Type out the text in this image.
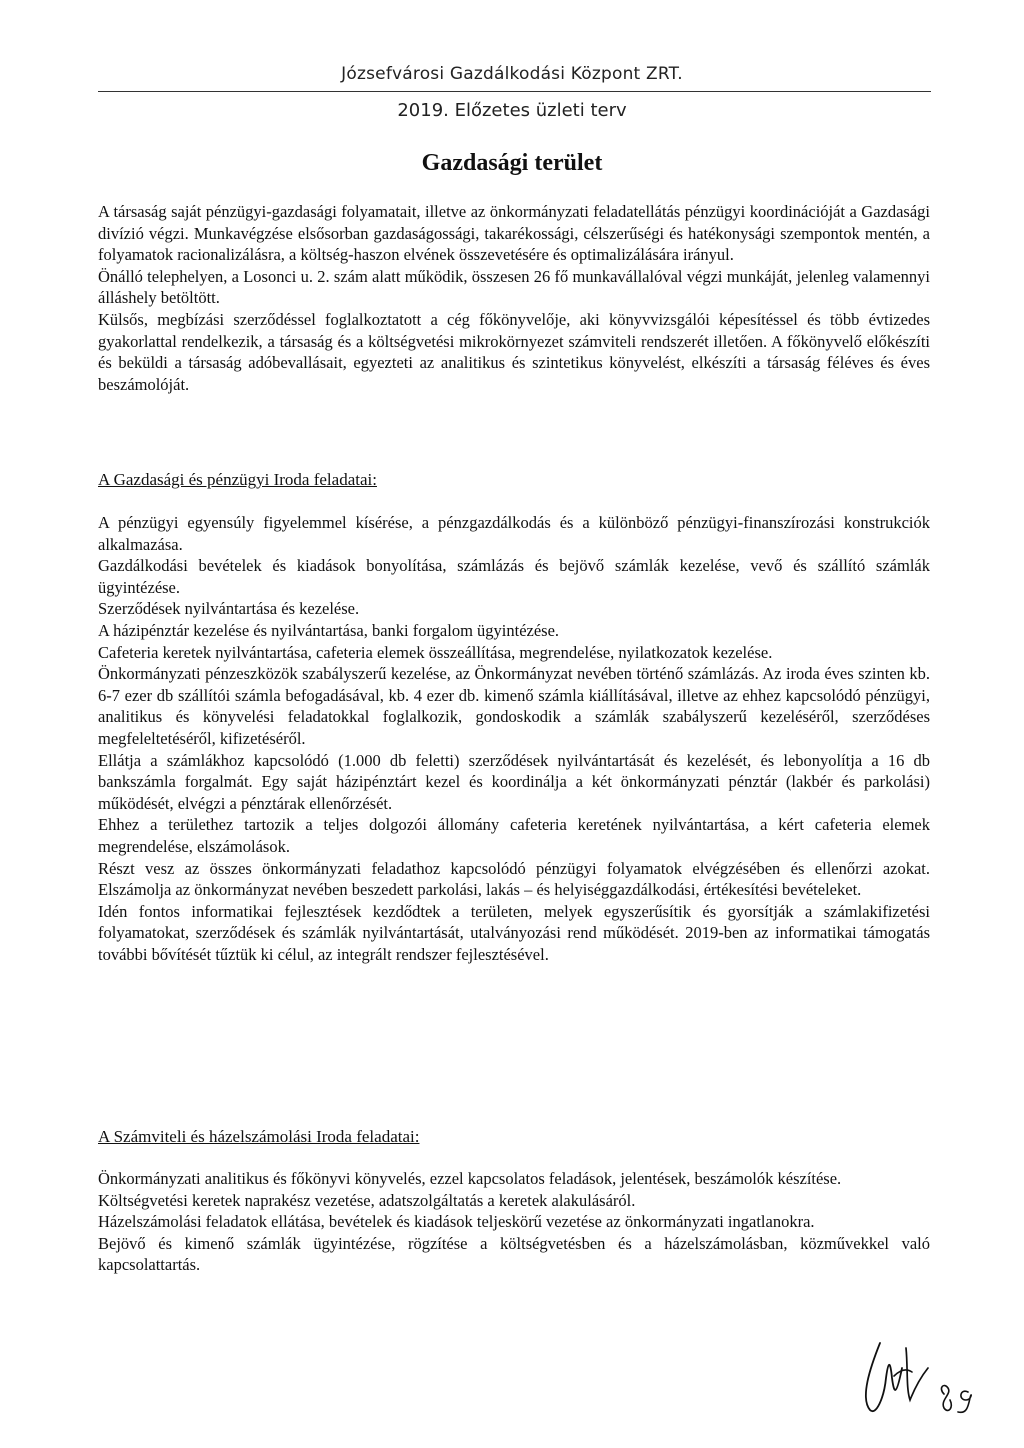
Józsefvárosi Gazdálkodási Központ ZRT.
2019. Előzetes üzleti terv
Gazdasági terület

A társaság saját pénzügyi-gazdasági folyamatait, illetve az önkormányzati feladatellátás pénzügyi koordinációját a Gazdasági divízió végzi. Munkavégzése elsősorban gazdaságossági, takarékossági, célszerűségi és hatékonysági szempontok mentén, a folyamatok racionalizálásra, a költség-haszon elvének összevetésére és optimalizálására irányul.

Önálló telephelyen, a Losonci u. 2. szám alatt működik, összesen 26 fő munkavállalóval végzi munkáját, jelenleg valamennyi álláshely betöltött.

Külsős, megbízási szerződéssel foglalkoztatott a cég főkönyvelője, aki könyvvizsgálói képesítéssel és több évtizedes gyakorlattal rendelkezik, a társaság és a költségvetési mikrokörnyezet számviteli rendszerét illetően. A főkönyvelő előkészíti és beküldi a társaság adóbevallásait, egyezteti az analitikus és szintetikus könyvelést, elkészíti a társaság féléves és éves beszámolóját.

A Gazdasági és pénzügyi Iroda feladatai:

A pénzügyi egyensúly figyelemmel kísérése, a pénzgazdálkodás és a különböző pénzügyi-finanszírozási konstrukciók alkalmazása.

Gazdálkodási bevételek és kiadások bonyolítása, számlázás és bejövő számlák kezelése, vevő és szállító számlák ügyintézése.

Szerződések nyilvántartása és kezelése.

A házipénztár kezelése és nyilvántartása, banki forgalom ügyintézése.

Cafeteria keretek nyilvántartása, cafeteria elemek összeállítása, megrendelése, nyilatkozatok kezelése.

Önkormányzati pénzeszközök szabályszerű kezelése, az Önkormányzat nevében történő számlázás. Az iroda éves szinten kb. 6-7 ezer db szállítói számla befogadásával, kb. 4 ezer db. kimenő számla kiállításával, illetve az ehhez kapcsolódó pénzügyi, analitikus és könyvelési feladatokkal foglalkozik, gondoskodik a számlák szabályszerű kezeléséről, szerződéses megfeleltetéséről, kifizetéséről.

Ellátja a számlákhoz kapcsolódó (1.000 db feletti) szerződések nyilvántartását és kezelését, és lebonyolítja a 16 db bankszámla forgalmát. Egy saját házipénztárt kezel és koordinálja a két önkormányzati pénztár (lakbér és parkolási) működését, elvégzi a pénztárak ellenőrzését.

Ehhez a területhez tartozik a teljes dolgozói állomány cafeteria keretének nyilvántartása, a kért cafeteria elemek megrendelése, elszámolások.

Részt vesz az összes önkormányzati feladathoz kapcsolódó pénzügyi folyamatok elvégzésében és ellenőrzi azokat. Elszámolja az önkormányzat nevében beszedett parkolási, lakás – és helyiséggazdálkodási, értékesítési bevételeket.

Idén fontos informatikai fejlesztések kezdődtek a területen, melyek egyszerűsítik és gyorsítják a számlakifizetési folyamatokat, szerződések és számlák nyilvántartását, utalványozási rend működését. 2019-ben az informatikai támogatás további bővítését tűztük ki célul, az integrált rendszer fejlesztésével.

A Számviteli és házelszámolási Iroda feladatai:

Önkormányzati analitikus és főkönyvi könyvelés, ezzel kapcsolatos feladások, jelentések, beszámolók készítése.

Költségvetési keretek naprakész vezetése, adatszolgáltatás a keretek alakulásáról.

Házelszámolási feladatok ellátása, bevételek és kiadások teljeskörű vezetése az önkormányzati ingatlanokra.

Bejövő és kimenő számlák ügyintézése, rögzítése a költségvetésben és a házelszámolásban, közművekkel való kapcsolattartás.
